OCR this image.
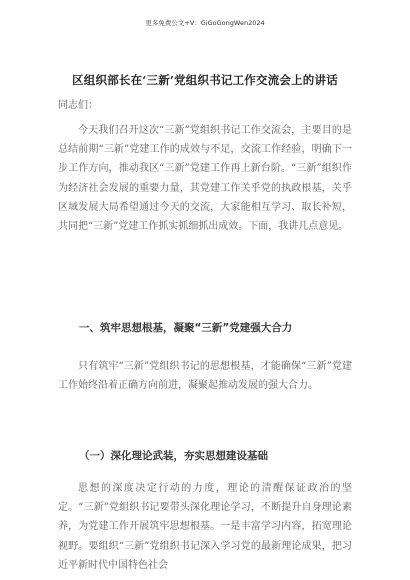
更多免费公文+V：GiGoGongWen2024
区组织部长在‘三新’党组织书记工作交流会上的讲话
同志们：

今天我们召开这次“三新”党组织书记工作交流会，主要目的是总结前期“三新”党建工作的成效与不足，交流工作经验，明确下一步工作方向，推动我区“三新”党建工作再上新台阶。“三新”组织作为经济社会发展的重要力量，其党建工作关乎党的执政根基，关乎区域发展大局希望通过今天的交流，大家能相互学习、取长补短，共同把“三新”党建工作抓实抓细抓出成效。下面，我讲几点意见。

一、筑牢思想根基，凝聚“三新”党建强大合力

只有筑牢“三新”党组织书记的思想根基，才能确保“三新”党建工作始终沿着正确方向前进，凝聚起推动发展的强大合力。

（一）深化理论武装，夯实思想建设基础

思想的深度决定行动的力度，理论的清醒保证政治的坚定。“三新”党组织书记要带头深化理论学习，不断提升自身理论素养，为党建工作开展筑牢思想根基。一是丰富学习内容，拓宽理论视野。要组织“三新”党组织书记深入学习党的最新理论成果，把习近平新时代中国特色社会
